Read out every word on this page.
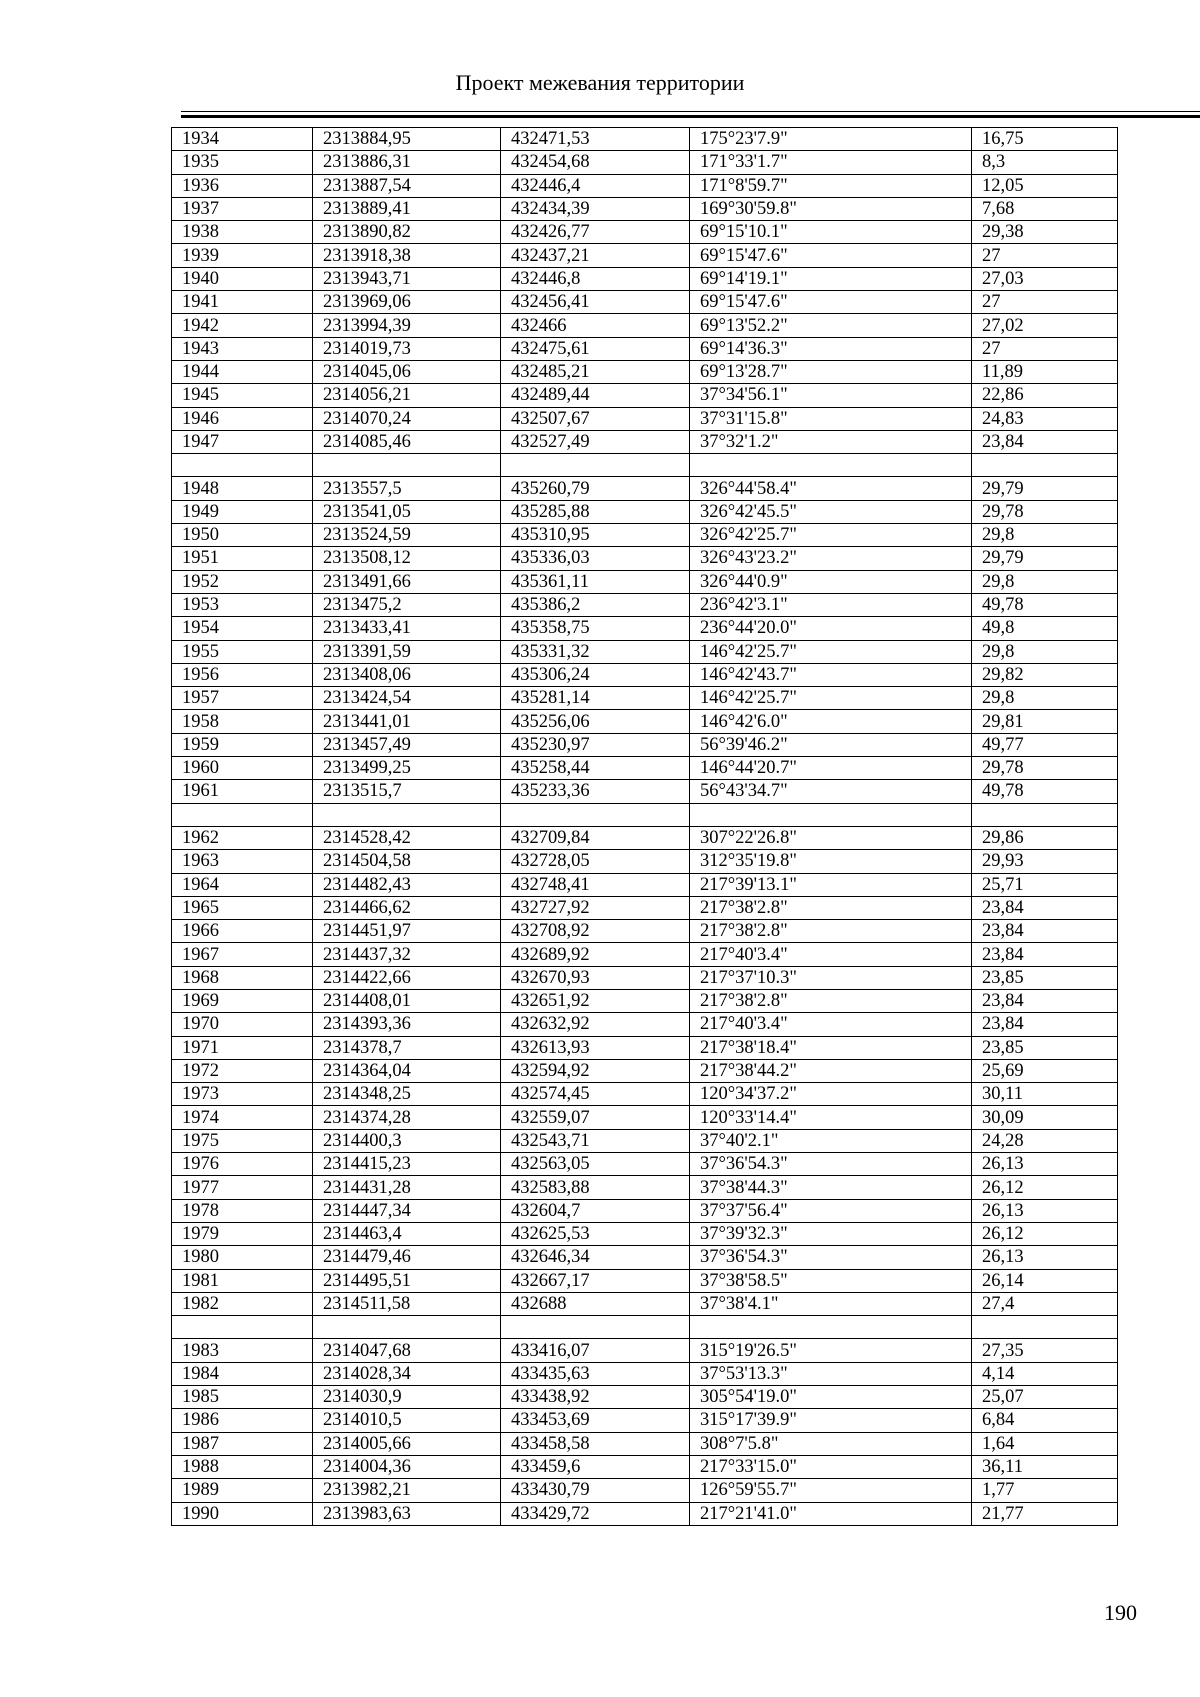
Проект межевания территории
1934	2313884,95	432471,53	175°23'7.9"	16,75
1935	2313886,31	432454,68	171°33'1.7"	8,3
1936	2313887,54	432446,4	171°8'59.7"	12,05
1937	2313889,41	432434,39	169°30'59.8"	7,68
1938	2313890,82	432426,77	69°15'10.1"	29,38
1939	2313918,38	432437,21	69°15'47.6"	27
1940	2313943,71	432446,8	69°14'19.1"	27,03
1941	2313969,06	432456,41	69°15'47.6"	27
1942	2313994,39	432466	69°13'52.2"	27,02
1943	2314019,73	432475,61	69°14'36.3"	27
1944	2314045,06	432485,21	69°13'28.7"	11,89
1945	2314056,21	432489,44	37°34'56.1"	22,86
1946	2314070,24	432507,67	37°31'15.8"	24,83
1947	2314085,46	432527,49	37°32'1.2"	23,84

1948	2313557,5	435260,79	326°44'58.4"	29,79
1949	2313541,05	435285,88	326°42'45.5"	29,78
1950	2313524,59	435310,95	326°42'25.7"	29,8
1951	2313508,12	435336,03	326°43'23.2"	29,79
1952	2313491,66	435361,11	326°44'0.9"	29,8
1953	2313475,2	435386,2	236°42'3.1"	49,78
1954	2313433,41	435358,75	236°44'20.0"	49,8
1955	2313391,59	435331,32	146°42'25.7"	29,8
1956	2313408,06	435306,24	146°42'43.7"	29,82
1957	2313424,54	435281,14	146°42'25.7"	29,8
1958	2313441,01	435256,06	146°42'6.0"	29,81
1959	2313457,49	435230,97	56°39'46.2"	49,77
1960	2313499,25	435258,44	146°44'20.7"	29,78
1961	2313515,7	435233,36	56°43'34.7"	49,78

1962	2314528,42	432709,84	307°22'26.8"	29,86
1963	2314504,58	432728,05	312°35'19.8"	29,93
1964	2314482,43	432748,41	217°39'13.1"	25,71
1965	2314466,62	432727,92	217°38'2.8"	23,84
1966	2314451,97	432708,92	217°38'2.8"	23,84
1967	2314437,32	432689,92	217°40'3.4"	23,84
1968	2314422,66	432670,93	217°37'10.3"	23,85
1969	2314408,01	432651,92	217°38'2.8"	23,84
1970	2314393,36	432632,92	217°40'3.4"	23,84
1971	2314378,7	432613,93	217°38'18.4"	23,85
1972	2314364,04	432594,92	217°38'44.2"	25,69
1973	2314348,25	432574,45	120°34'37.2"	30,11
1974	2314374,28	432559,07	120°33'14.4"	30,09
1975	2314400,3	432543,71	37°40'2.1"	24,28
1976	2314415,23	432563,05	37°36'54.3"	26,13
1977	2314431,28	432583,88	37°38'44.3"	26,12
1978	2314447,34	432604,7	37°37'56.4"	26,13
1979	2314463,4	432625,53	37°39'32.3"	26,12
1980	2314479,46	432646,34	37°36'54.3"	26,13
1981	2314495,51	432667,17	37°38'58.5"	26,14
1982	2314511,58	432688	37°38'4.1"	27,4

1983	2314047,68	433416,07	315°19'26.5"	27,35
1984	2314028,34	433435,63	37°53'13.3"	4,14
1985	2314030,9	433438,92	305°54'19.0"	25,07
1986	2314010,5	433453,69	315°17'39.9"	6,84
1987	2314005,66	433458,58	308°7'5.8"	1,64
1988	2314004,36	433459,6	217°33'15.0"	36,11
1989	2313982,21	433430,79	126°59'55.7"	1,77
1990	2313983,63	433429,72	217°21'41.0"	21,77
190
